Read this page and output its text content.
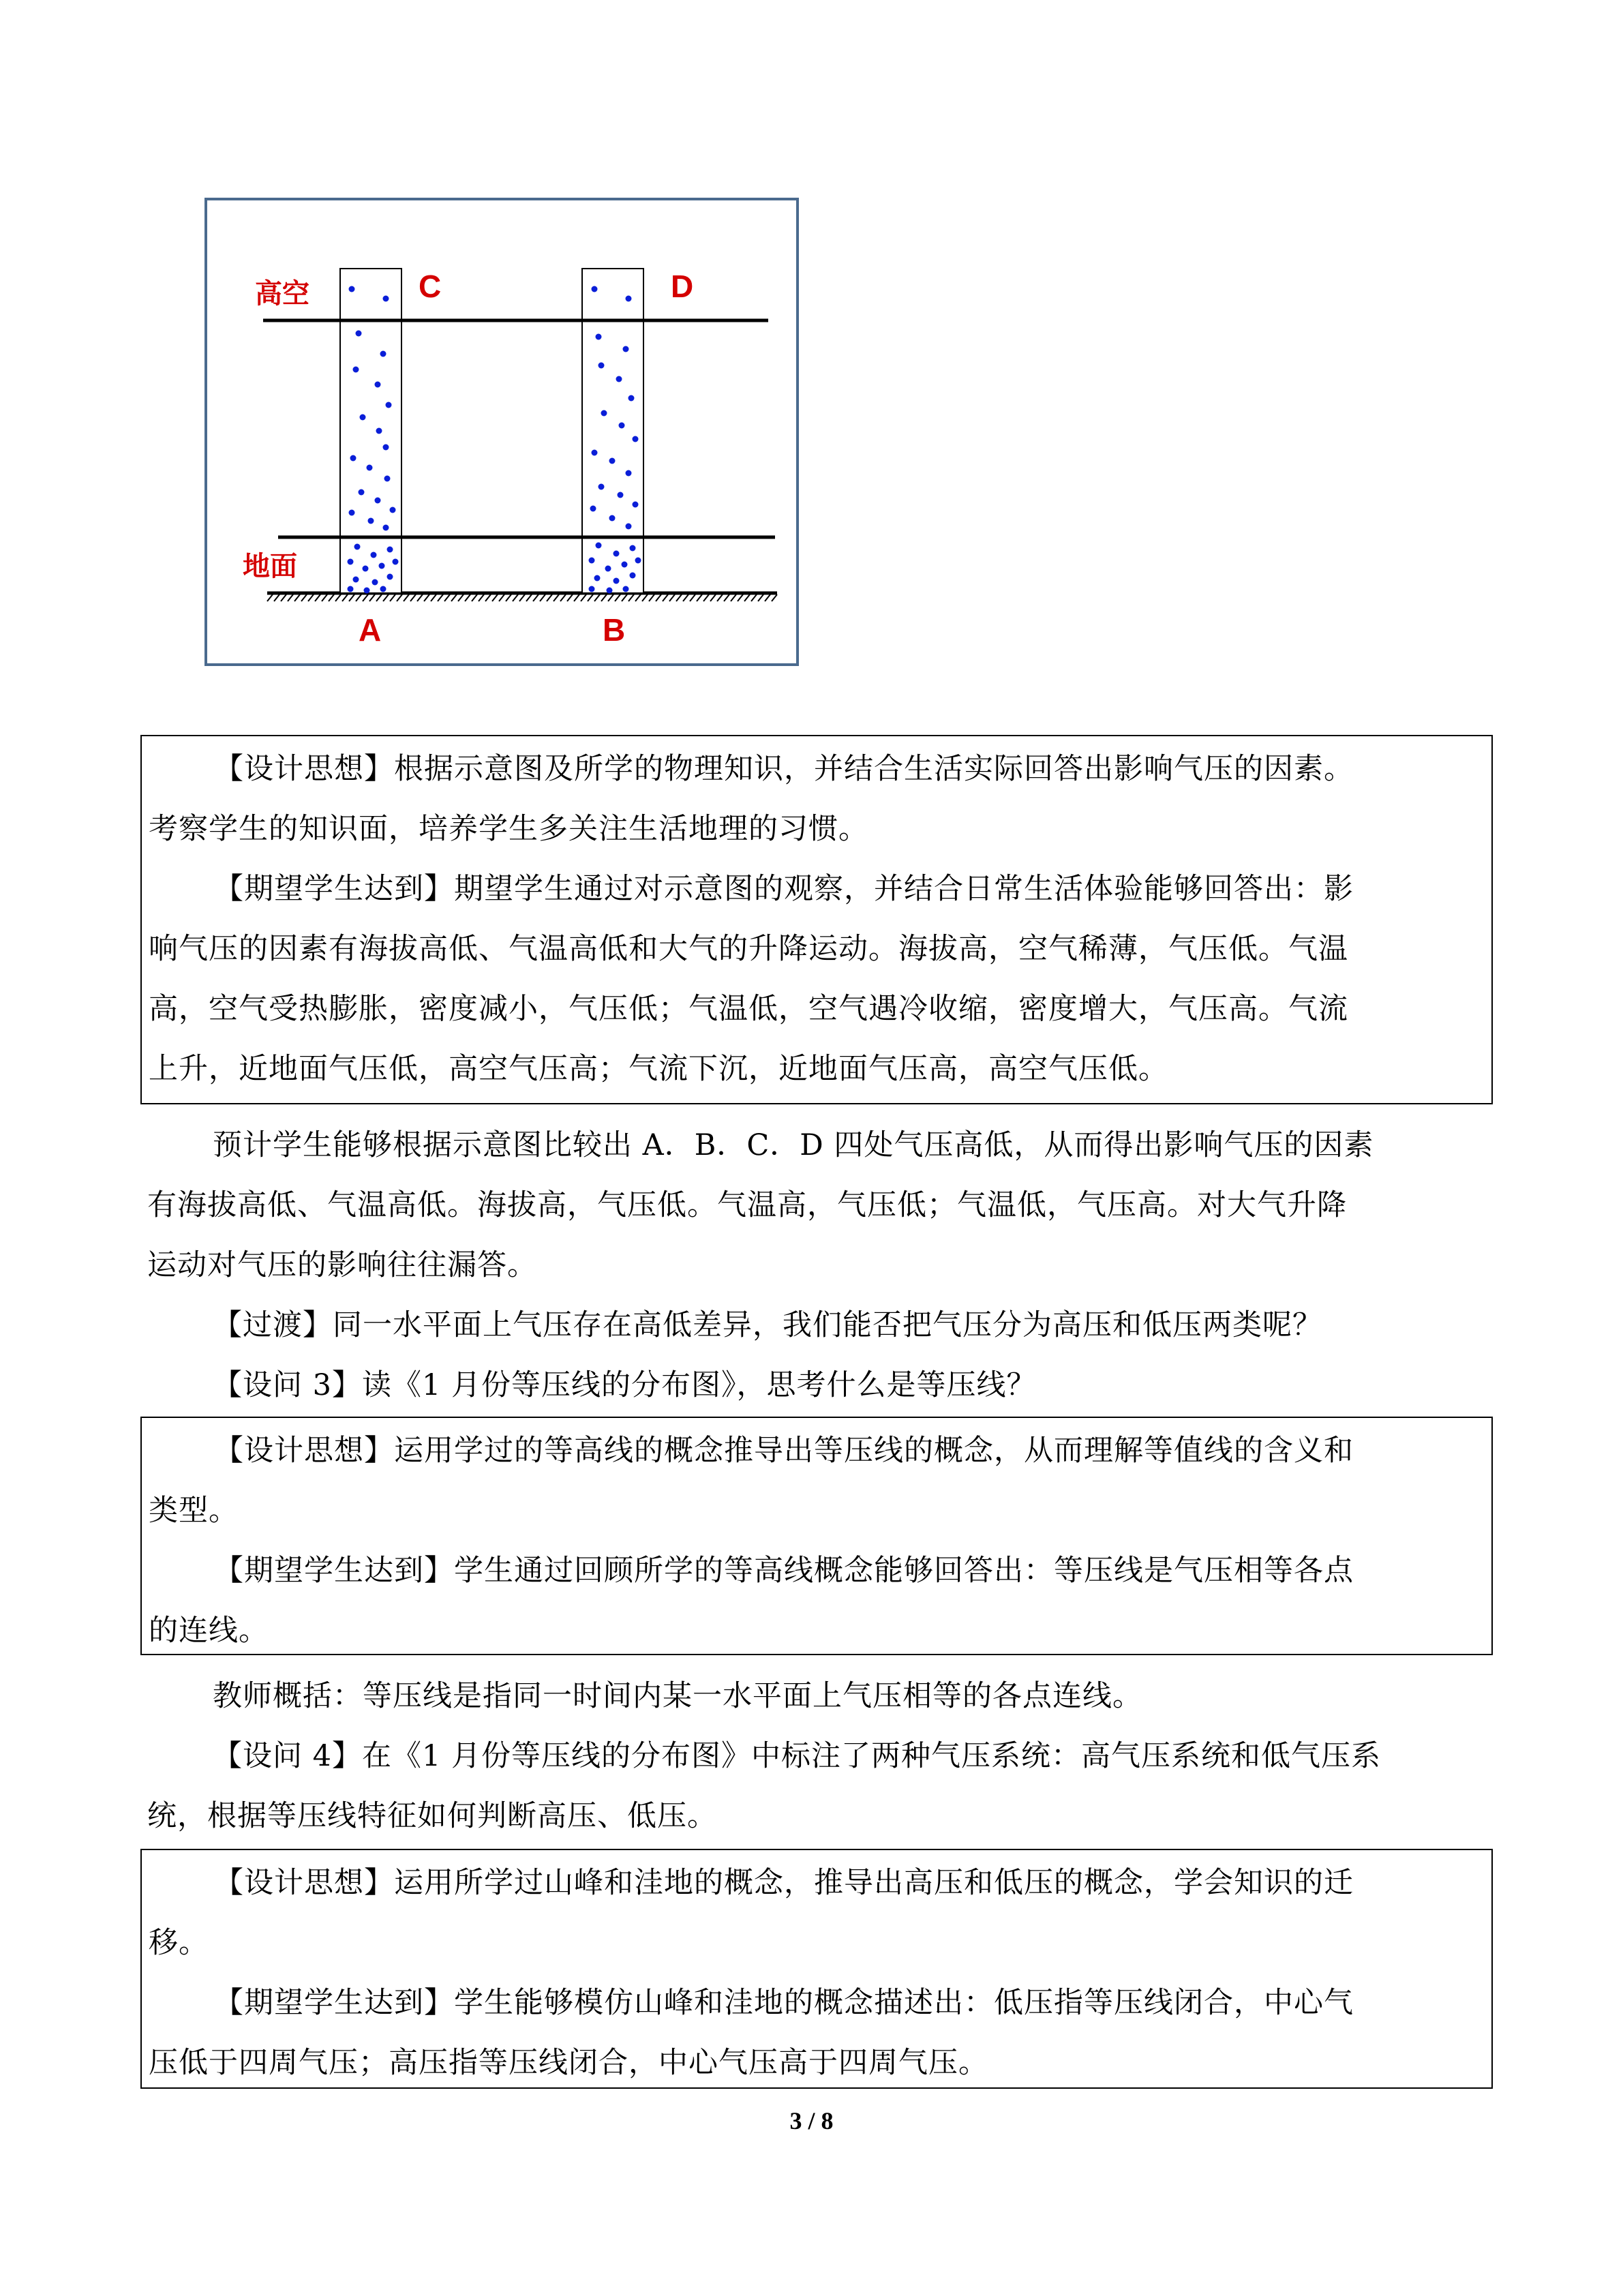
高空
地面
C	D
A	B

【设计思想】根据示意图及所学的物理知识，并结合生活实际回答出影响气压的因素。

考察学生的知识面，培养学生多关注生活地理的习惯。

【期望学生达到】期望学生通过对示意图的观察，并结合日常生活体验能够回答出：影

响气压的因素有海拔高低、气温高低和大气的升降运动。海拔高，空气稀薄，气压低。气温

高，空气受热膨胀，密度减小，气压低；气温低，空气遇冷收缩，密度增大，气压高。气流

上升，近地面气压低，高空气压高；气流下沉，近地面气压高，高空气压低。

预计学生能够根据示意图比较出 A．B．C．D 四处气压高低，从而得出影响气压的因素

有海拔高低、气温高低。海拔高，气压低。气温高，气压低；气温低，气压高。对大气升降

运动对气压的影响往往漏答。

【过渡】同一水平面上气压存在高低差异，我们能否把气压分为高压和低压两类呢？

【设问 3】读《1 月份等压线的分布图》，思考什么是等压线？

【设计思想】运用学过的等高线的概念推导出等压线的概念，从而理解等值线的含义和

类型。

【期望学生达到】学生通过回顾所学的等高线概念能够回答出：等压线是气压相等各点

的连线。

教师概括：等压线是指同一时间内某一水平面上气压相等的各点连线。

【设问 4】在《1 月份等压线的分布图》中标注了两种气压系统：高气压系统和低气压系

统，根据等压线特征如何判断高压、低压。

【设计思想】运用所学过山峰和洼地的概念，推导出高压和低压的概念，学会知识的迁

移。

【期望学生达到】学生能够模仿山峰和洼地的概念描述出：低压指等压线闭合，中心气

压低于四周气压；高压指等压线闭合，中心气压高于四周气压。

3 / 8
